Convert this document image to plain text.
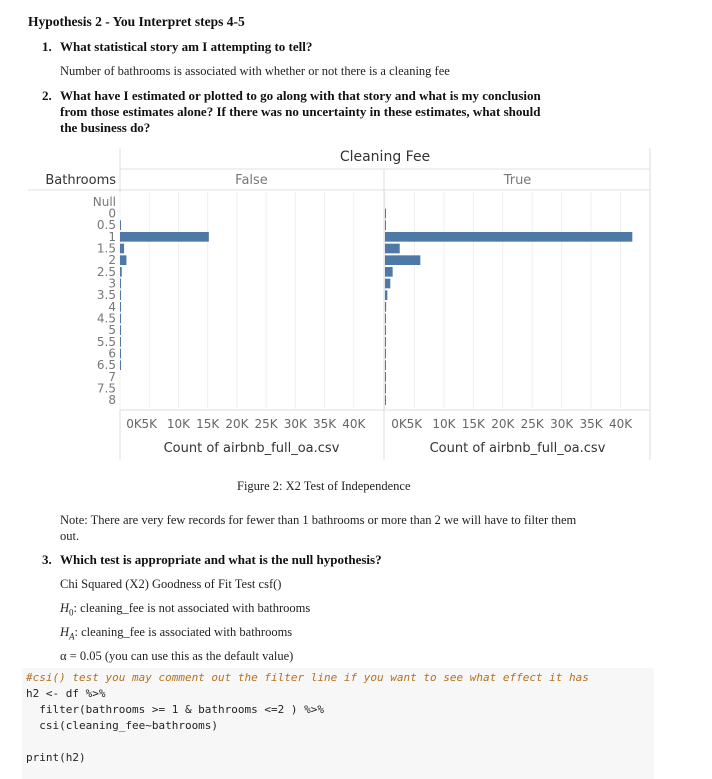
Hypothesis 2 - You Interpret steps 4-5
1. What statistical story am I attempting to tell?
Number of bathrooms is associated with whether or not there is a cleaning fee
2. What have I estimated or plotted to go along with that story and what is my conclusion
from those estimates alone? If there was no uncertainty in these estimates, what should
the business do?
Cleaning Fee
Bathrooms	False
0K 5K 10K 15K 20K 25K 30K 35K 40K
Count of airbnb_full_oa.csv
True
0K 5K 10K 15K 20K 25K 30K 35K 40K
Count of airbnb_full_oa.csv
Null
0
0.5
1
1.5
2
2.5
3
3.5
4
4.5
5
5.5
6
6.5
7
7.5
8
Figure 2: X2 Test of Independence
Note: There are very few records for fewer than 1 bathrooms or more than 2 we will have to filter them
out.
3. Which test is appropriate and what is the null hypothesis?
Chi Squared (X2) Goodness of Fit Test csf()
$H_0$: cleaning_fee is not associated with bathrooms
$H_A$: cleaning_fee is associated with bathrooms
α = 0.05 (you can use this as the default value)
#csi() test you may comment out the filter line if you want to see what effect it has
h2 <- df %>%
filter(bathrooms >= 1 & bathrooms <=2 ) %>%
csi(cleaning_fee~bathrooms)
print(h2)
